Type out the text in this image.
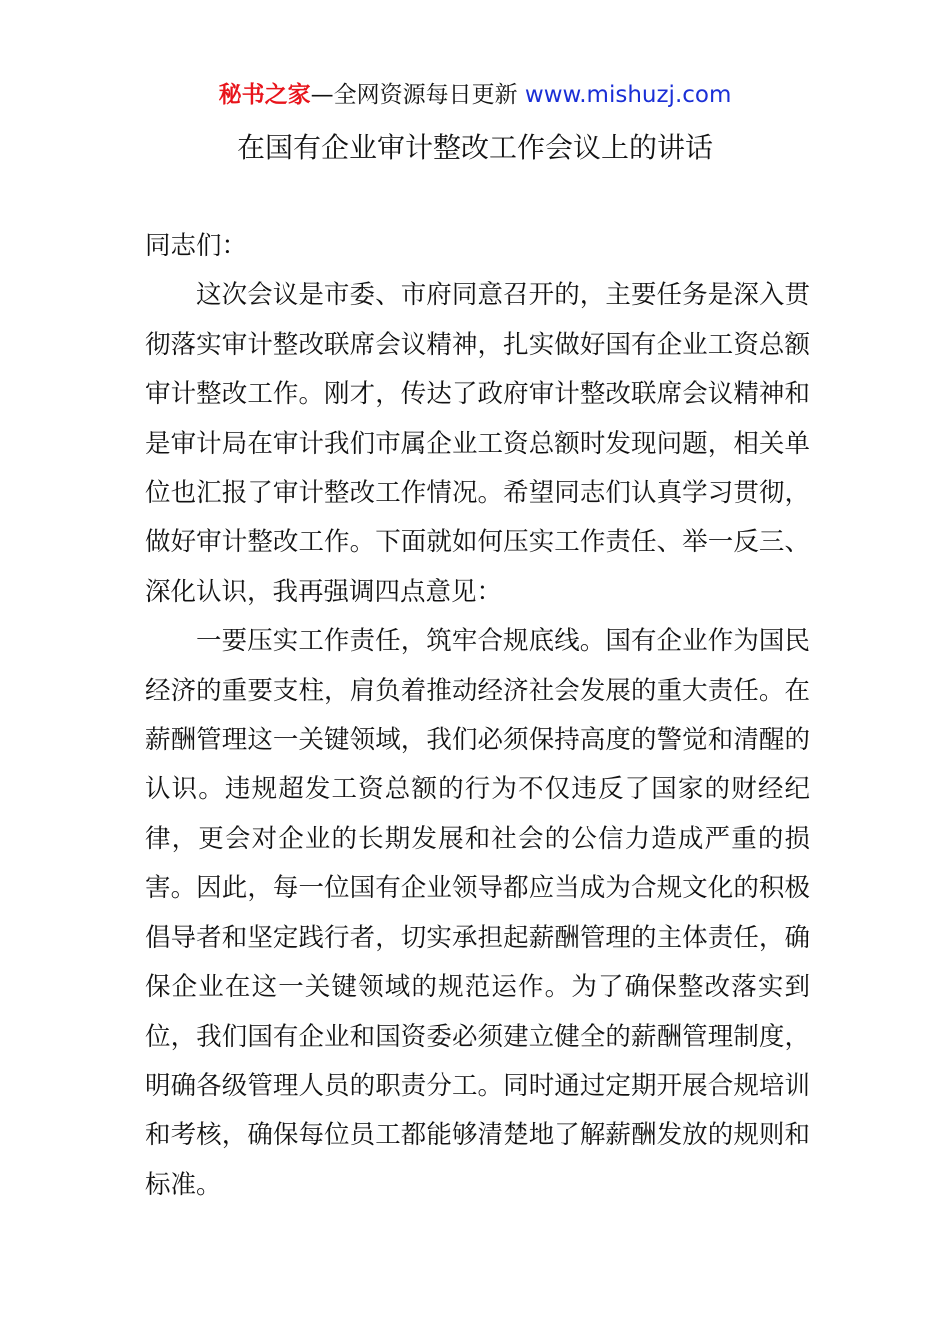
秘书之家—全网资源每日更新 www.mishuzj.com
在国有企业审计整改工作会议上的讲话

同志们：

这次会议是市委、市府同意召开的，主要任务是深入贯彻落实审计整改联席会议精神，扎实做好国有企业工资总额审计整改工作。刚才，传达了政府审计整改联席会议精神和是审计局在审计我们市属企业工资总额时发现问题，相关单位也汇报了审计整改工作情况。希望同志们认真学习贯彻，做好审计整改工作。下面就如何压实工作责任、举一反三、深化认识，我再强调四点意见：

一要压实工作责任，筑牢合规底线。国有企业作为国民经济的重要支柱，肩负着推动经济社会发展的重大责任。在薪酬管理这一关键领域，我们必须保持高度的警觉和清醒的认识。违规超发工资总额的行为不仅违反了国家的财经纪律，更会对企业的长期发展和社会的公信力造成严重的损害。因此，每一位国有企业领导都应当成为合规文化的积极倡导者和坚定践行者，切实承担起薪酬管理的主体责任，确保企业在这一关键领域的规范运作。为了确保整改落实到位，我们国有企业和国资委必须建立健全的薪酬管理制度，明确各级管理人员的职责分工。同时通过定期开展合规培训和考核，确保每位员工都能够清楚地了解薪酬发放的规则和标准。
